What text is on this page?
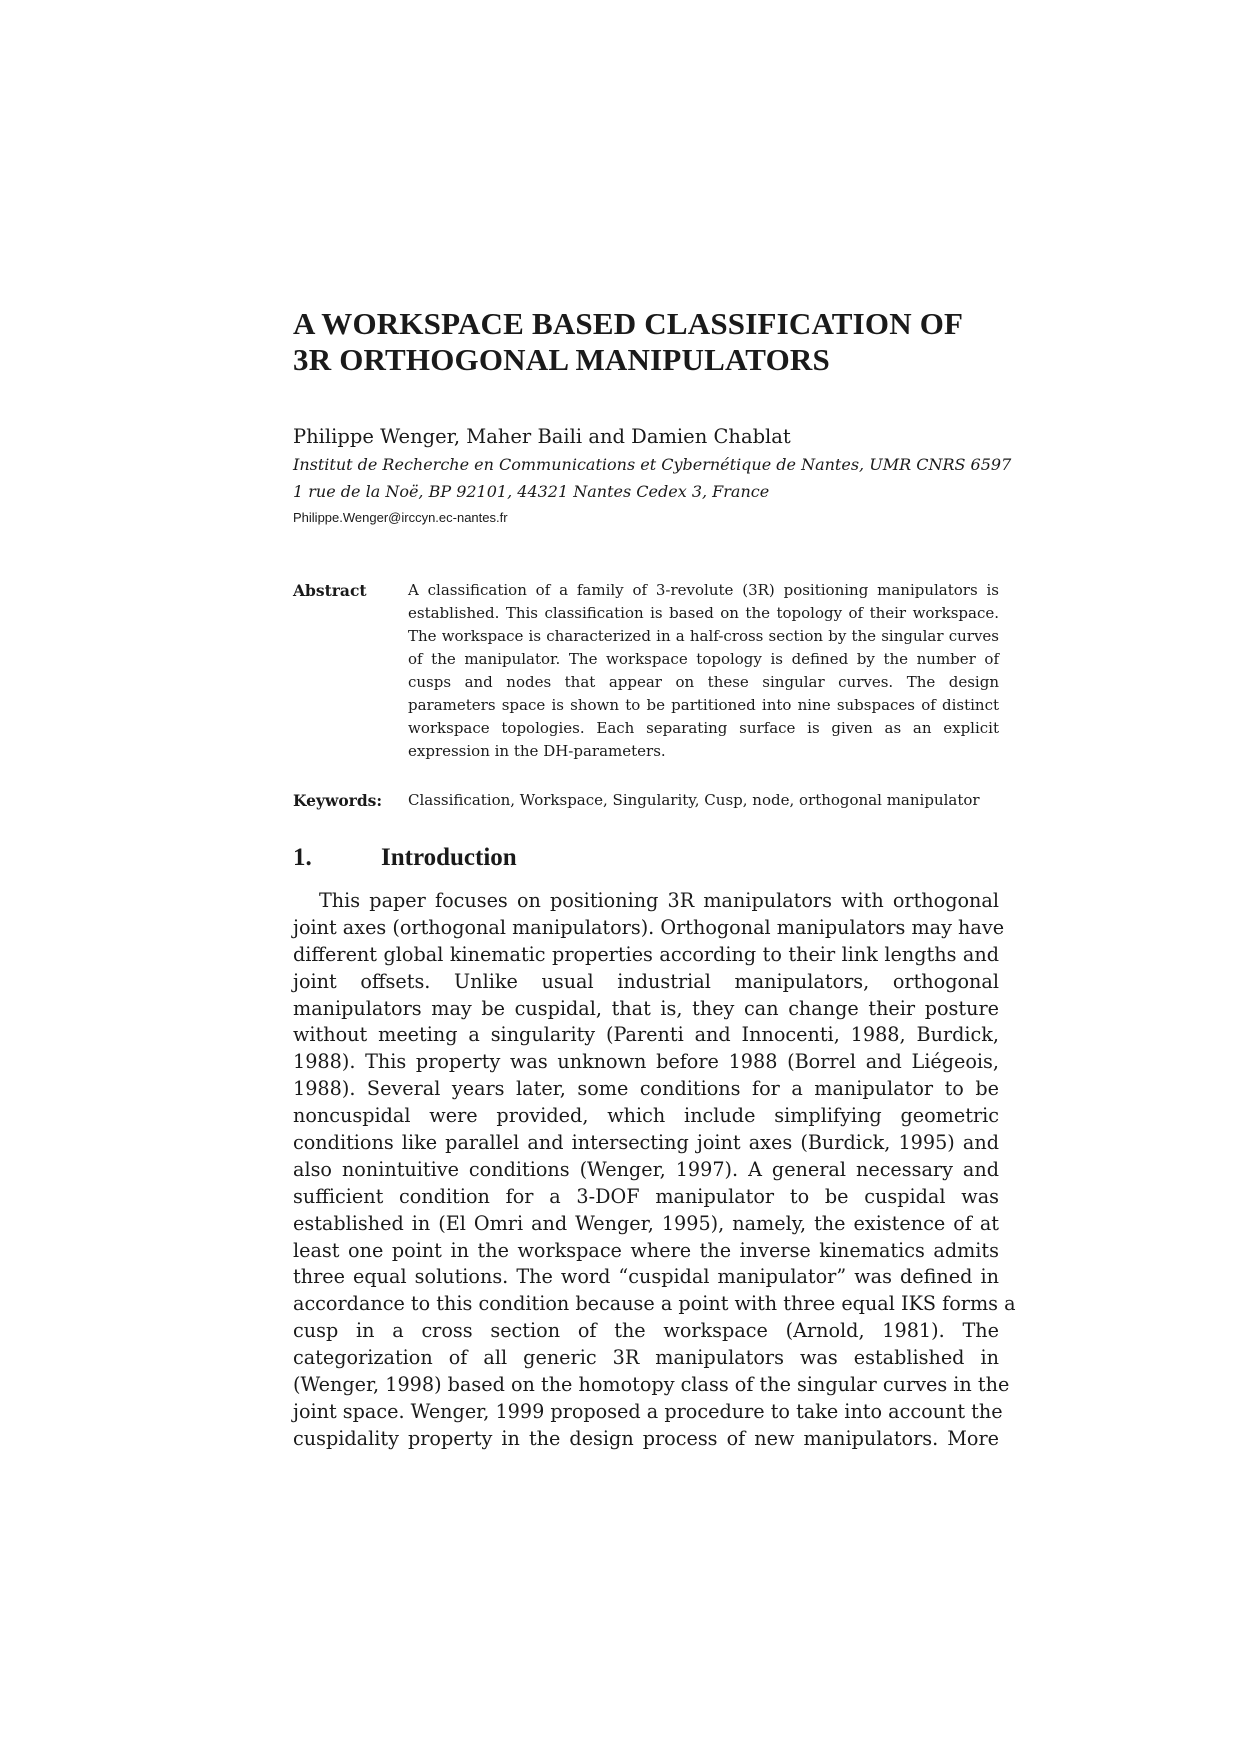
A WORKSPACE BASED CLASSIFICATION OF
3R ORTHOGONAL MANIPULATORS
Philippe Wenger, Maher Baili and Damien Chablat
Institut de Recherche en Communications et Cybernétique de Nantes, UMR CNRS 6597
1 rue de la Noë, BP 92101, 44321 Nantes Cedex 3, France
Philippe.Wenger@irccyn.ec-nantes.fr
Abstract	A classification of a family of 3-revolute (3R) positioning manipulators is
established. This classification is based on the topology of their workspace.
The workspace is characterized in a half-cross section by the singular curves
of the manipulator. The workspace topology is defined by the number of
cusps and nodes that appear on these singular curves. The design
parameters space is shown to be partitioned into nine subspaces of distinct
workspace topologies. Each separating surface is given as an explicit
expression in the DH-parameters.
Keywords: Classification, Workspace, Singularity, Cusp, node, orthogonal manipulator
1.	Introduction
This paper focuses on positioning 3R manipulators with orthogonal
joint axes (orthogonal manipulators). Orthogonal manipulators may have
different global kinematic properties according to their link lengths and
joint offsets. Unlike usual industrial manipulators, orthogonal
manipulators may be cuspidal, that is, they can change their posture
without meeting a singularity (Parenti and Innocenti, 1988, Burdick,
1988). This property was unknown before 1988 (Borrel and Liégeois,
1988). Several years later, some conditions for a manipulator to be
noncuspidal were provided, which include simplifying geometric
conditions like parallel and intersecting joint axes (Burdick, 1995) and
also nonintuitive conditions (Wenger, 1997). A general necessary and
sufficient condition for a 3-DOF manipulator to be cuspidal was
established in (El Omri and Wenger, 1995), namely, the existence of at
least one point in the workspace where the inverse kinematics admits
three equal solutions. The word “cuspidal manipulator” was defined in
accordance to this condition because a point with three equal IKS forms a
cusp in a cross section of the workspace (Arnold, 1981). The
categorization of all generic 3R manipulators was established in
(Wenger, 1998) based on the homotopy class of the singular curves in the
joint space. Wenger, 1999 proposed a procedure to take into account the
cuspidality property in the design process of new manipulators. More
